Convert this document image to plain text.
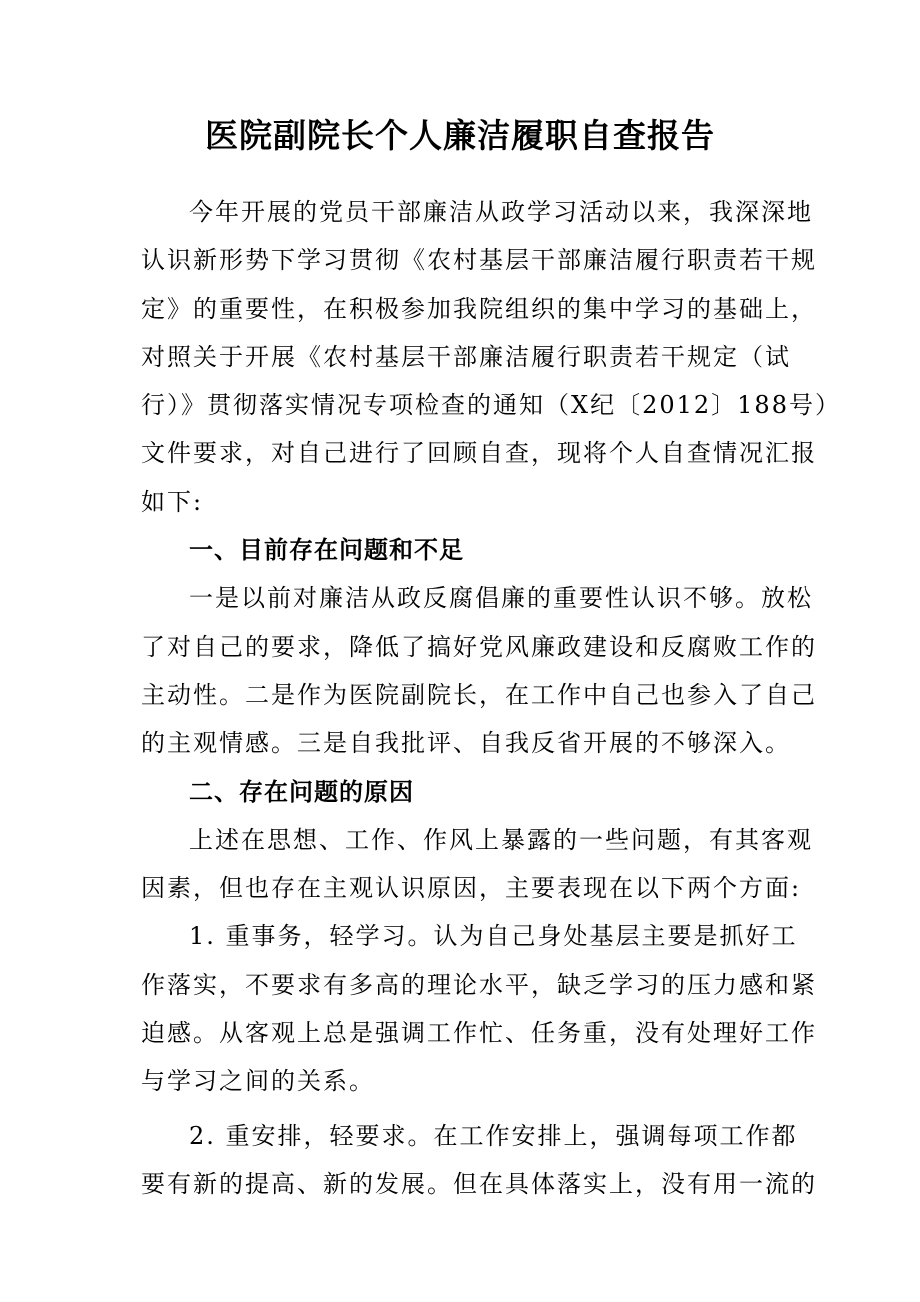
医院副院长个人廉洁履职自查报告
今年开展的党员干部廉洁从政学习活动以来，我深深地
认识新形势下学习贯彻《农村基层干部廉洁履行职责若干规
定》的重要性，在积极参加我院组织的集中学习的基础上，
对照关于开展《农村基层干部廉洁履行职责若干规定（试
行）》贯彻落实情况专项检查的通知（X纪〔2012〕188号）
文件要求，对自己进行了回顾自查，现将个人自查情况汇报
如下:
一、目前存在问题和不足
一是以前对廉洁从政反腐倡廉的重要性认识不够。放松
了对自己的要求，降低了搞好党风廉政建设和反腐败工作的
主动性。二是作为医院副院长，在工作中自己也参入了自己
的主观情感。三是自我批评、自我反省开展的不够深入。
二、存在问题的原因
上述在思想、工作、作风上暴露的一些问题，有其客观
因素，但也存在主观认识原因，主要表现在以下两个方面:
1. 重事务，轻学习。认为自己身处基层主要是抓好工
作落实，不要求有多高的理论水平，缺乏学习的压力感和紧
迫感。从客观上总是强调工作忙、任务重，没有处理好工作
与学习之间的关系。
2. 重安排，轻要求。在工作安排上，强调每项工作都
要有新的提高、新的发展。但在具体落实上，没有用一流的
